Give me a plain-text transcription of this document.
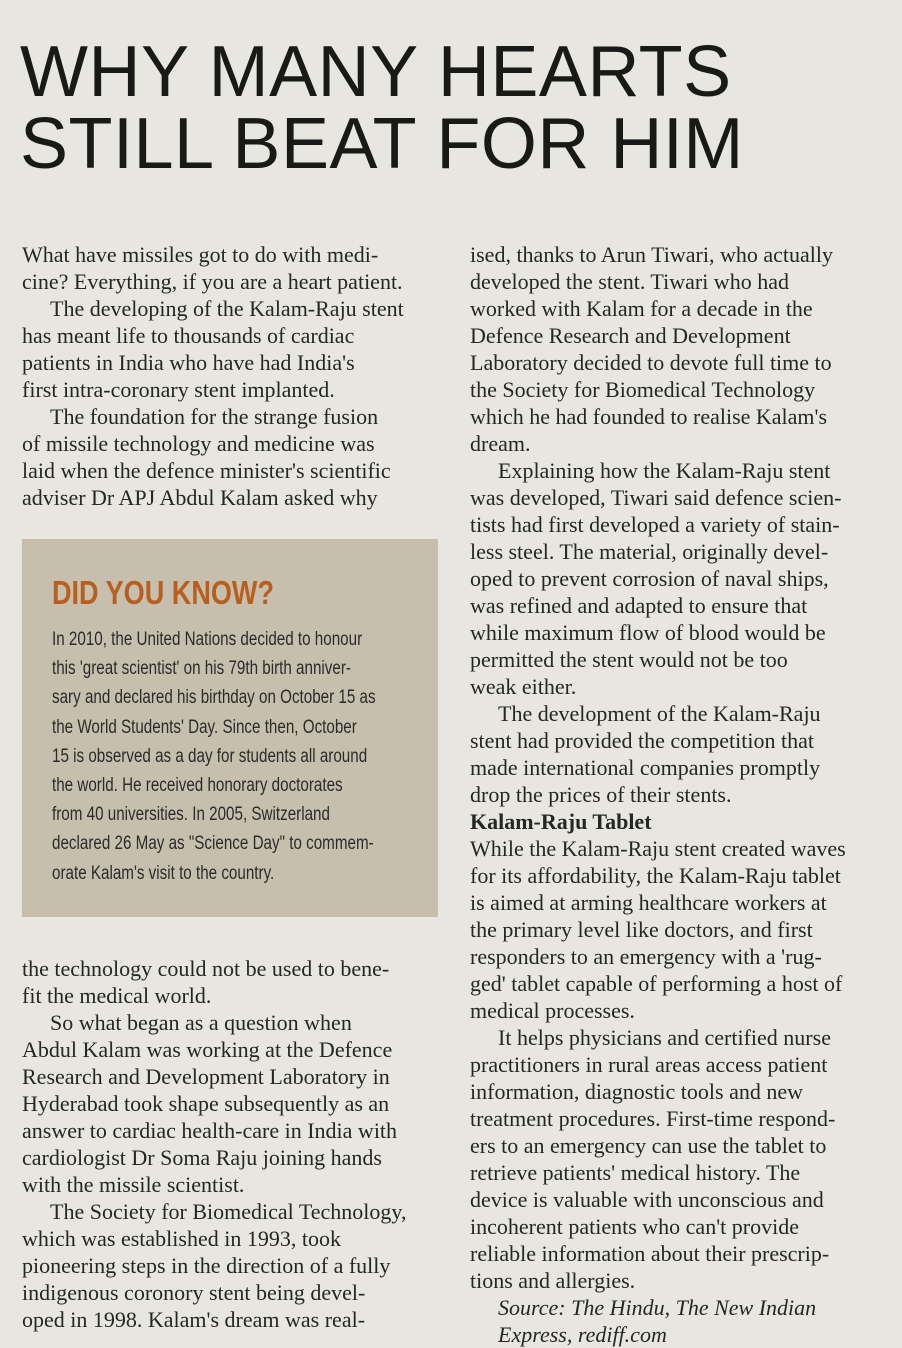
WHY MANY HEARTS
STILL BEAT FOR HIM

What have missiles got to do with medi-

cine? Everything, if you are a heart patient.

The developing of the Kalam-Raju stent

has meant life to thousands of cardiac

patients in India who have had India's

first intra-coronary stent implanted.

The foundation for the strange fusion

of missile technology and medicine was

laid when the defence minister's scientific

adviser Dr APJ Abdul Kalam asked why

DID YOU KNOW?
In 2010, the United Nations decided to honour
this 'great scientist' on his 79th birth anniver-
sary and declared his birthday on October 15 as
the World Students' Day. Since then, October
15 is observed as a day for students all around
the world. He received honorary doctorates
from 40 universities. In 2005, Switzerland
declared 26 May as "Science Day" to commem-
orate Kalam's visit to the country.

the technology could not be used to bene-

fit the medical world.

So what began as a question when

Abdul Kalam was working at the Defence

Research and Development Laboratory in

Hyderabad took shape subsequently as an

answer to cardiac health-care in India with

cardiologist Dr Soma Raju joining hands

with the missile scientist.

The Society for Biomedical Technology,

which was established in 1993, took

pioneering steps in the direction of a fully

indigenous coronory stent being devel-

oped in 1998. Kalam's dream was real-

ised, thanks to Arun Tiwari, who actually

developed the stent. Tiwari who had

worked with Kalam for a decade in the

Defence Research and Development

Laboratory decided to devote full time to

the Society for Biomedical Technology

which he had founded to realise Kalam's

dream.

Explaining how the Kalam-Raju stent

was developed, Tiwari said defence scien-

tists had first developed a variety of stain-

less steel. The material, originally devel-

oped to prevent corrosion of naval ships,

was refined and adapted to ensure that

while maximum flow of blood would be

permitted the stent would not be too

weak either.

The development of the Kalam-Raju

stent had provided the competition that

made international companies promptly

drop the prices of their stents.

Kalam-Raju Tablet

While the Kalam-Raju stent created waves

for its affordability, the Kalam-Raju tablet

is aimed at arming healthcare workers at

the primary level like doctors, and first

responders to an emergency with a 'rug-

ged' tablet capable of performing a host of

medical processes.

It helps physicians and certified nurse

practitioners in rural areas access patient

information, diagnostic tools and new

treatment procedures. First-time respond-

ers to an emergency can use the tablet to

retrieve patients' medical history. The

device is valuable with unconscious and

incoherent patients who can't provide

reliable information about their prescrip-

tions and allergies.

Source: The Hindu, The New Indian

Express, rediff.com
